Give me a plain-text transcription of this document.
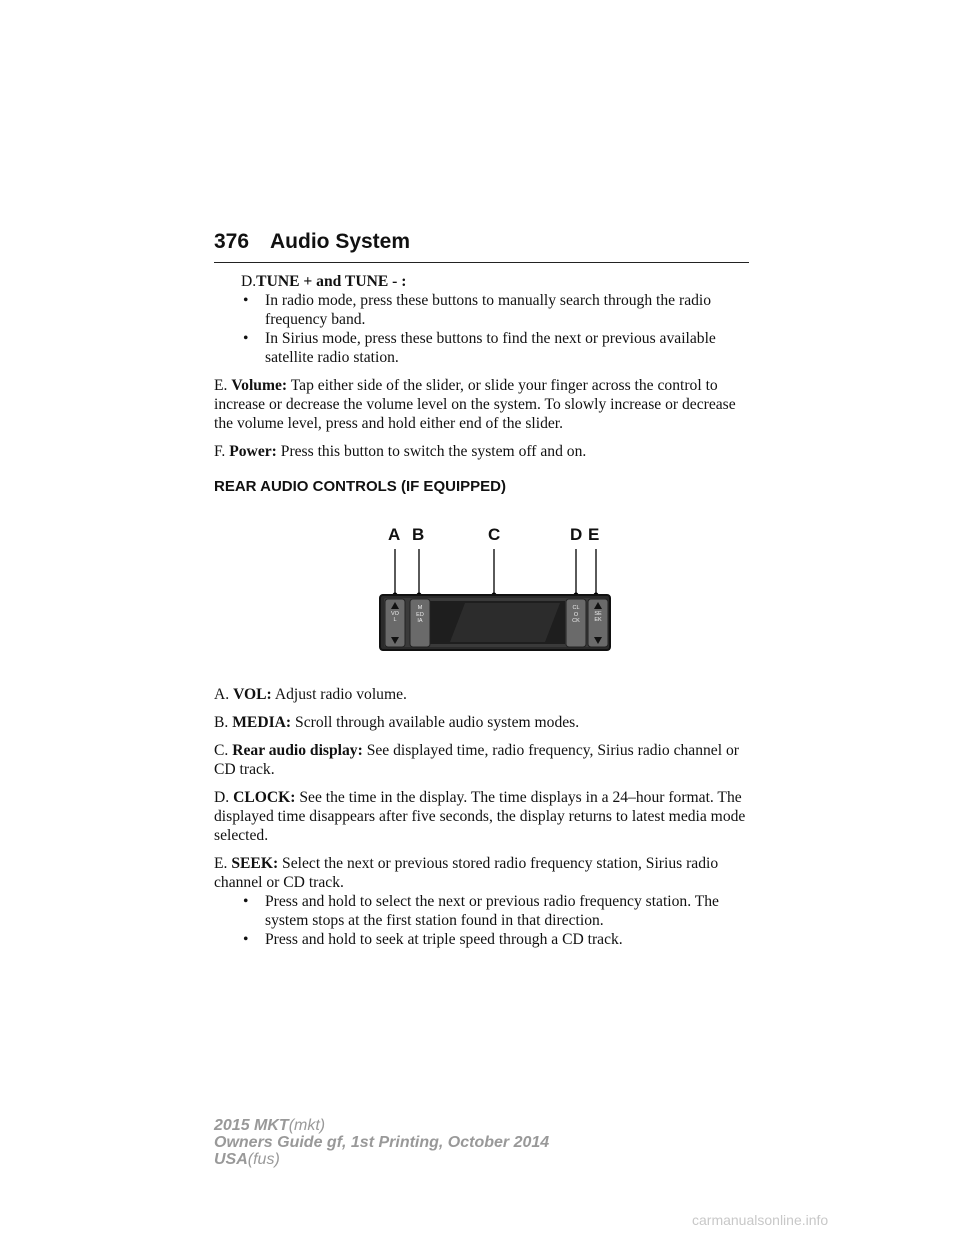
376 Audio System

D.TUNE + and TUNE - :

• In radio mode, press these buttons to manually search through the radio frequency band.
• In Sirius mode, press these buttons to find the next or previous available satellite radio station.

E. Volume: Tap either side of the slider, or slide your finger across the control to increase or decrease the volume level on the system. To slowly increase or decrease the volume level, press and hold either end of the slider.

F. Power: Press this button to switch the system off and on.

REAR AUDIO CONTROLS (IF EQUIPPED)
A B	C	D E
VOL
MEDIA
CLOCK
SEEK

A. VOL: Adjust radio volume.

B. MEDIA: Scroll through available audio system modes.

C. Rear audio display: See displayed time, radio frequency, Sirius radio channel or CD track.

D. CLOCK: See the time in the display. The time displays in a 24–hour format. The displayed time disappears after five seconds, the display returns to latest media mode selected.

E. SEEK: Select the next or previous stored radio frequency station, Sirius radio channel or CD track.

• Press and hold to select the next or previous radio frequency station. The system stops at the first station found in that direction.
• Press and hold to seek at triple speed through a CD track.
2015 MKT(mkt)
Owners Guide gf, 1st Printing, October 2014
USA(fus)
carmanualsonline.info
